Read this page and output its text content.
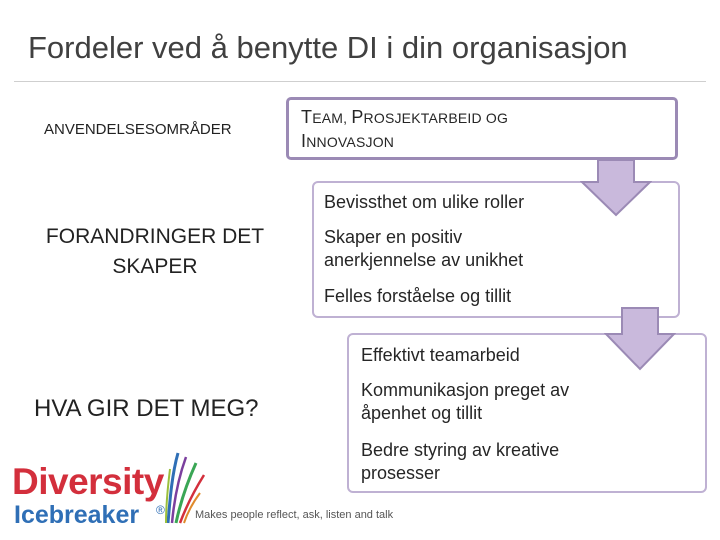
Fordeler ved å benytte DI i din organisasjon
ANVENDELSESOMRÅDER
FORANDRINGER DET
SKAPER
HVA GIR DET MEG?
Bevissthet om ulike roller
Skaper en positiv anerkjennelse av unikhet
Felles forståelse og tillit
Effektivt teamarbeid
Kommunikasjon preget av åpenhet og tillit
Bedre styring av kreative prosesser
TEAM, PROSJEKTARBEID OG
INNOVASJON
Diversity
Icebreaker ®	Makes people reflect, ask, listen and talk
